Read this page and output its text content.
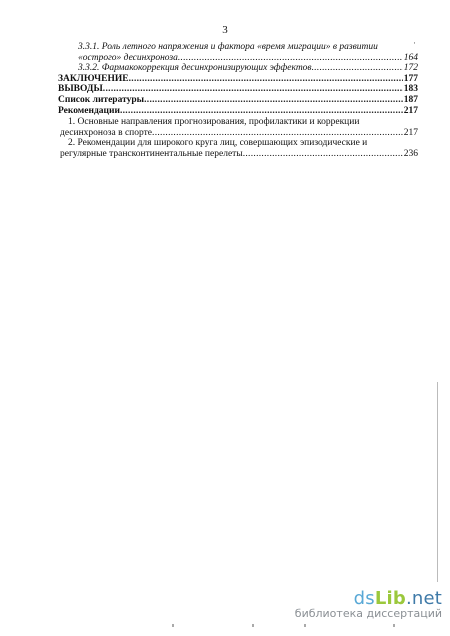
3
3.3.1. Роль летного напряжения и фактора «время миграции» в развитии
«острого» десинхроноза .....	164
3.3.2. Фармакокоррекция десинхронизирующих эффектов .....	172
ЗАКЛЮЧЕНИЕ .....	177
ВЫВОДЫ .....	183
Список литературы .....	187
Рекомендации .....	217
1. Основные направления прогнозирования, профилактики и коррекции
десинхроноза в спорте .....	217
2. Рекомендации для широкого круга лиц, совершающих эпизодические и
регулярные трансконтинентальные перелеты .....	236
·
dsLib.net
библиотека диссертаций
